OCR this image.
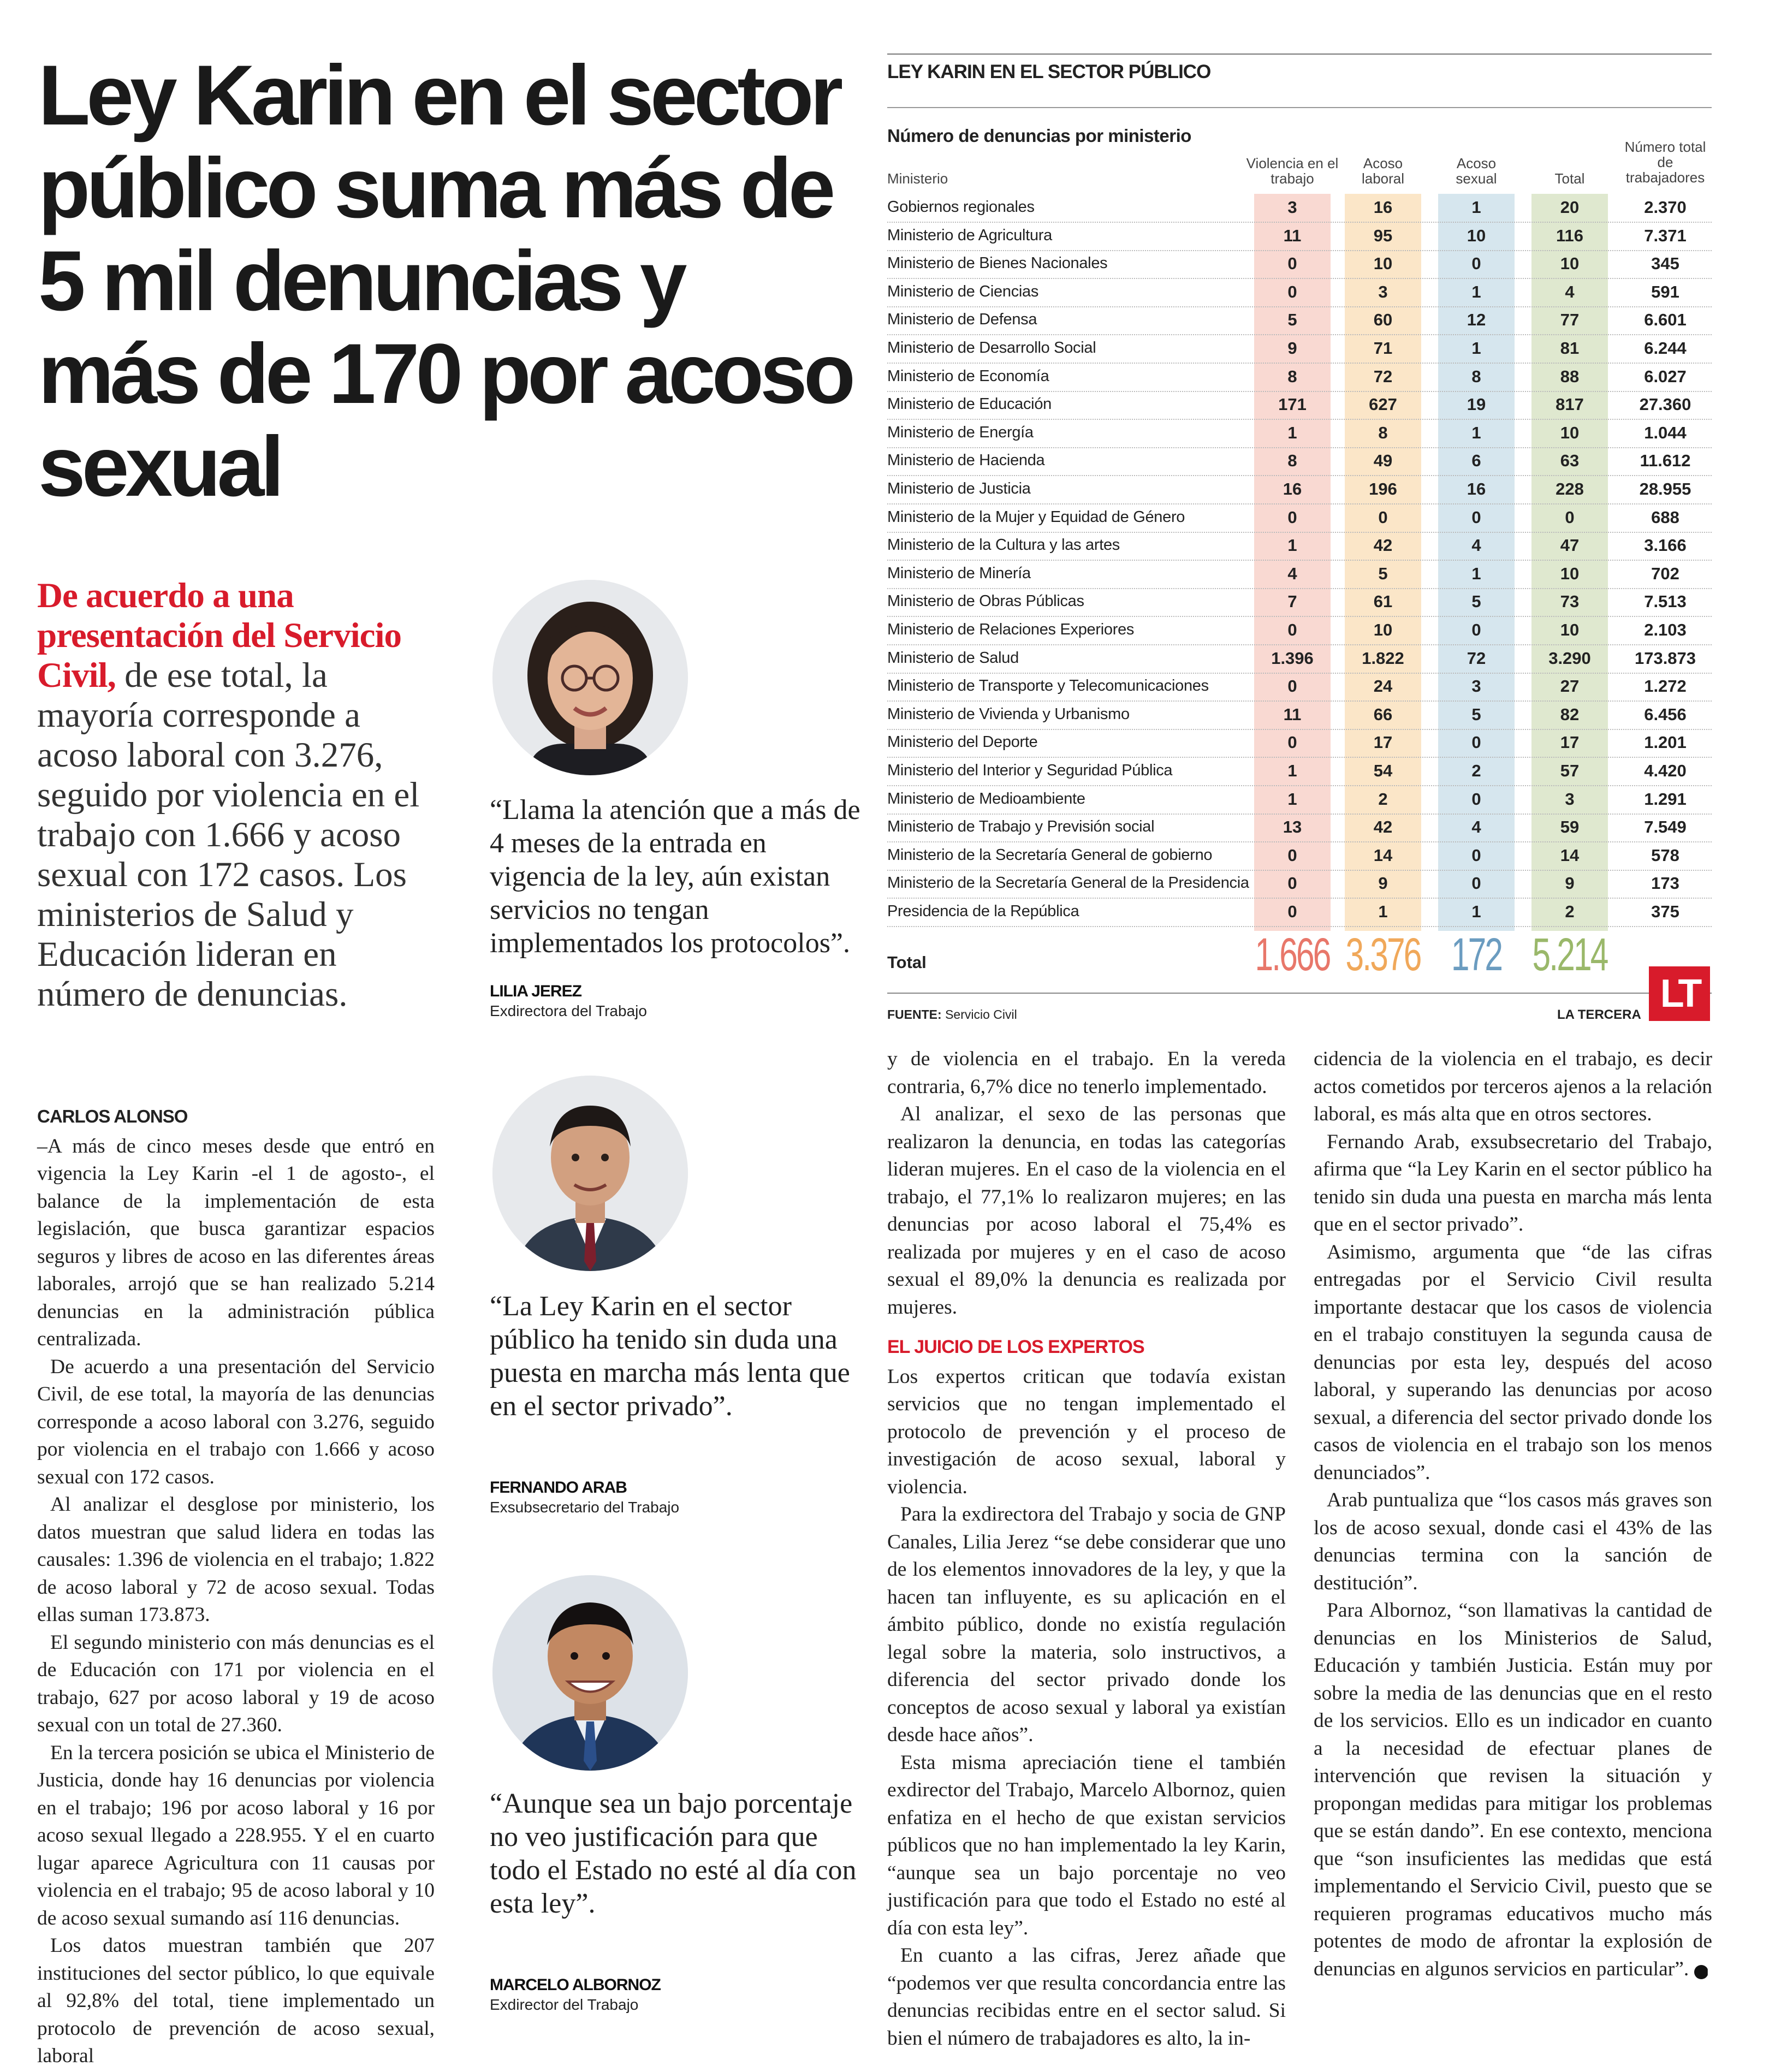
Ley Karin en el sector público suma más de 5 mil denuncias y más de 170 por acoso sexual
De acuerdo a una presentación del Servicio Civil, de ese total, la mayoría corresponde a acoso laboral con 3.276, seguido por violencia en el trabajo con 1.666 y acoso sexual con 172 casos. Los ministerios de Salud y Educación lideran en número de denuncias.
CARLOS ALONSO

–A más de cinco meses desde que entró en vigencia la Ley Karin -el 1 de agosto-, el balance de la implementación de esta legislación, que busca garantizar espacios seguros y libres de acoso en las diferentes áreas laborales, arrojó que se han realizado 5.214 denuncias en la administración pública centralizada.

De acuerdo a una presentación del Servicio Civil, de ese total, la mayoría de las denuncias corresponde a acoso laboral con 3.276, seguido por violencia en el trabajo con 1.666 y acoso sexual con 172 casos.

Al analizar el desglose por ministerio, los datos muestran que salud lidera en todas las causales: 1.396 de violencia en el trabajo; 1.822 de acoso laboral y 72 de acoso sexual. Todas ellas suman 173.873.

El segundo ministerio con más denuncias es el de Educación con 171 por violencia en el trabajo, 627 por acoso laboral y 19 de acoso sexual con un total de 27.360.

En la tercera posición se ubica el Ministerio de Justicia, donde hay 16 denuncias por violencia en el trabajo; 196 por acoso laboral y 16 por acoso sexual llegado a 228.955. Y el en cuarto lugar aparece Agricultura con 11 causas por violencia en el trabajo; 95 de acoso laboral y 10 de acoso sexual sumando así 116 denuncias.

Los datos muestran también que 207 instituciones del sector público, lo que equivale al 92,8% del total, tiene implementado un protocolo de prevención de acoso sexual, laboral

“Llama la atención que a más de 4 meses de la entrada en vigencia de la ley, aún existan servicios no tengan implementados los protocolos”.
LILIA JEREZ
Exdirectora del Trabajo
“La Ley Karin en el sector público ha tenido sin duda una puesta en marcha más lenta que en el sector privado”.
FERNANDO ARAB
Exsubsecretario del Trabajo
“Aunque sea un bajo porcentaje no veo justificación para que todo el Estado no esté al día con esta ley”.
MARCELO ALBORNOZ
Exdirector del Trabajo
LEY KARIN EN EL SECTOR PÚBLICO
Número de denuncias por ministerio
Ministerio
Violencia en el trabajo
Acoso laboral
Acoso sexual	Total
Número total de trabajadores
Gobiernos regionales	3	16	1	20	2.370
Ministerio de Agricultura	11	95	10	116	7.371
Ministerio de Bienes Nacionales	0	10	0	10	345
Ministerio de Ciencias	0	3	1	4	591
Ministerio de Defensa	5	60	12	77	6.601
Ministerio de Desarrollo Social	9	71	1	81	6.244
Ministerio de Economía	8	72	8	88	6.027
Ministerio de Educación	171	627	19	817	27.360
Ministerio de Energía	1	8	1	10	1.044
Ministerio de Hacienda	8	49	6	63	11.612
Ministerio de Justicia	16	196	16	228	28.955
Ministerio de la Mujer y Equidad de Género	0	0	0	0	688
Ministerio de la Cultura y las artes	1	42	4	47	3.166
Ministerio de Minería	4	5	1	10	702
Ministerio de Obras Públicas	7	61	5	73	7.513
Ministerio de Relaciones Experiores	0	10	0	10	2.103
Ministerio de Salud	1.396	1.822	72	3.290	173.873
Ministerio de Transporte y Telecomunicaciones	0	24	3	27	1.272
Ministerio de Vivienda y Urbanismo	11	66	5	82	6.456
Ministerio del Deporte	0	17	0	17	1.201
Ministerio del Interior y Seguridad Pública	1	54	2	57	4.420
Ministerio de Medioambiente	1	2	0	3	1.291
Ministerio de Trabajo y Previsión social	13	42	4	59	7.549
Ministerio de la Secretaría General de gobierno	0	14	0	14	578
Ministerio de la Secretaría General de la Presidencia	0	9	0	9	173
Presidencia de la República	0	1	1	2	375
Total	1.666 3.376 172 5.214
FUENTE: Servicio Civil	LA TERCERA LT

y de violencia en el trabajo. En la vereda contraria, 6,7% dice no tenerlo implementado.

Al analizar, el sexo de las personas que realizaron la denuncia, en todas las categorías lideran mujeres. En el caso de la violencia en el trabajo, el 77,1% lo realizaron mujeres; en las denuncias por acoso laboral el 75,4% es realizada por mujeres y en el caso de acoso sexual el 89,0% la denuncia es realizada por mujeres.

EL JUICIO DE LOS EXPERTOS

Los expertos critican que todavía existan servicios que no tengan implementado el protocolo de prevención y el proceso de investigación de acoso sexual, laboral y violencia.

Para la exdirectora del Trabajo y socia de GNP Canales, Lilia Jerez “se debe considerar que uno de los elementos innovadores de la ley, y que la hacen tan influyente, es su aplicación en el ámbito público, donde no existía regulación legal sobre la materia, solo instructivos, a diferencia del sector privado donde los conceptos de acoso sexual y laboral ya existían desde hace años”.

Esta misma apreciación tiene el también exdirector del Trabajo, Marcelo Albornoz, quien enfatiza en el hecho de que existan servicios públicos que no han implementado la ley Karin, “aunque sea un bajo porcentaje no veo justificación para que todo el Estado no esté al día con esta ley”.

En cuanto a las cifras, Jerez añade que “podemos ver que resulta concordancia entre las denuncias recibidas entre en el sector salud. Si bien el número de trabajadores es alto, la in-

cidencia de la violencia en el trabajo, es decir actos cometidos por terceros ajenos a la relación laboral, es más alta que en otros sectores.

Fernando Arab, exsubsecretario del Trabajo, afirma que “la Ley Karin en el sector público ha tenido sin duda una puesta en marcha más lenta que en el sector privado”.

Asimismo, argumenta que “de las cifras entregadas por el Servicio Civil resulta importante destacar que los casos de violencia en el trabajo constituyen la segunda causa de denuncias por esta ley, después del acoso laboral, y superando las denuncias por acoso sexual, a diferencia del sector privado donde los casos de violencia en el trabajo son los menos denunciados”.

Arab puntualiza que “los casos más graves son los de acoso sexual, donde casi el 43% de las denuncias termina con la sanción de destitución”.

Para Albornoz, “son llamativas la cantidad de denuncias en los Ministerios de Salud, Educación y también Justicia. Están muy por sobre la media de las denuncias que en el resto de los servicios. Ello es un indicador en cuanto a la necesidad de efectuar planes de intervención que revisen la situación y propongan medidas para mitigar los problemas que se están dando”. En ese contexto, menciona que “son insuficientes las medidas que está implementando el Servicio Civil, puesto que se requieren programas educativos mucho más potentes de modo de afrontar la explosión de denuncias en algunos servicios en particular”. P
